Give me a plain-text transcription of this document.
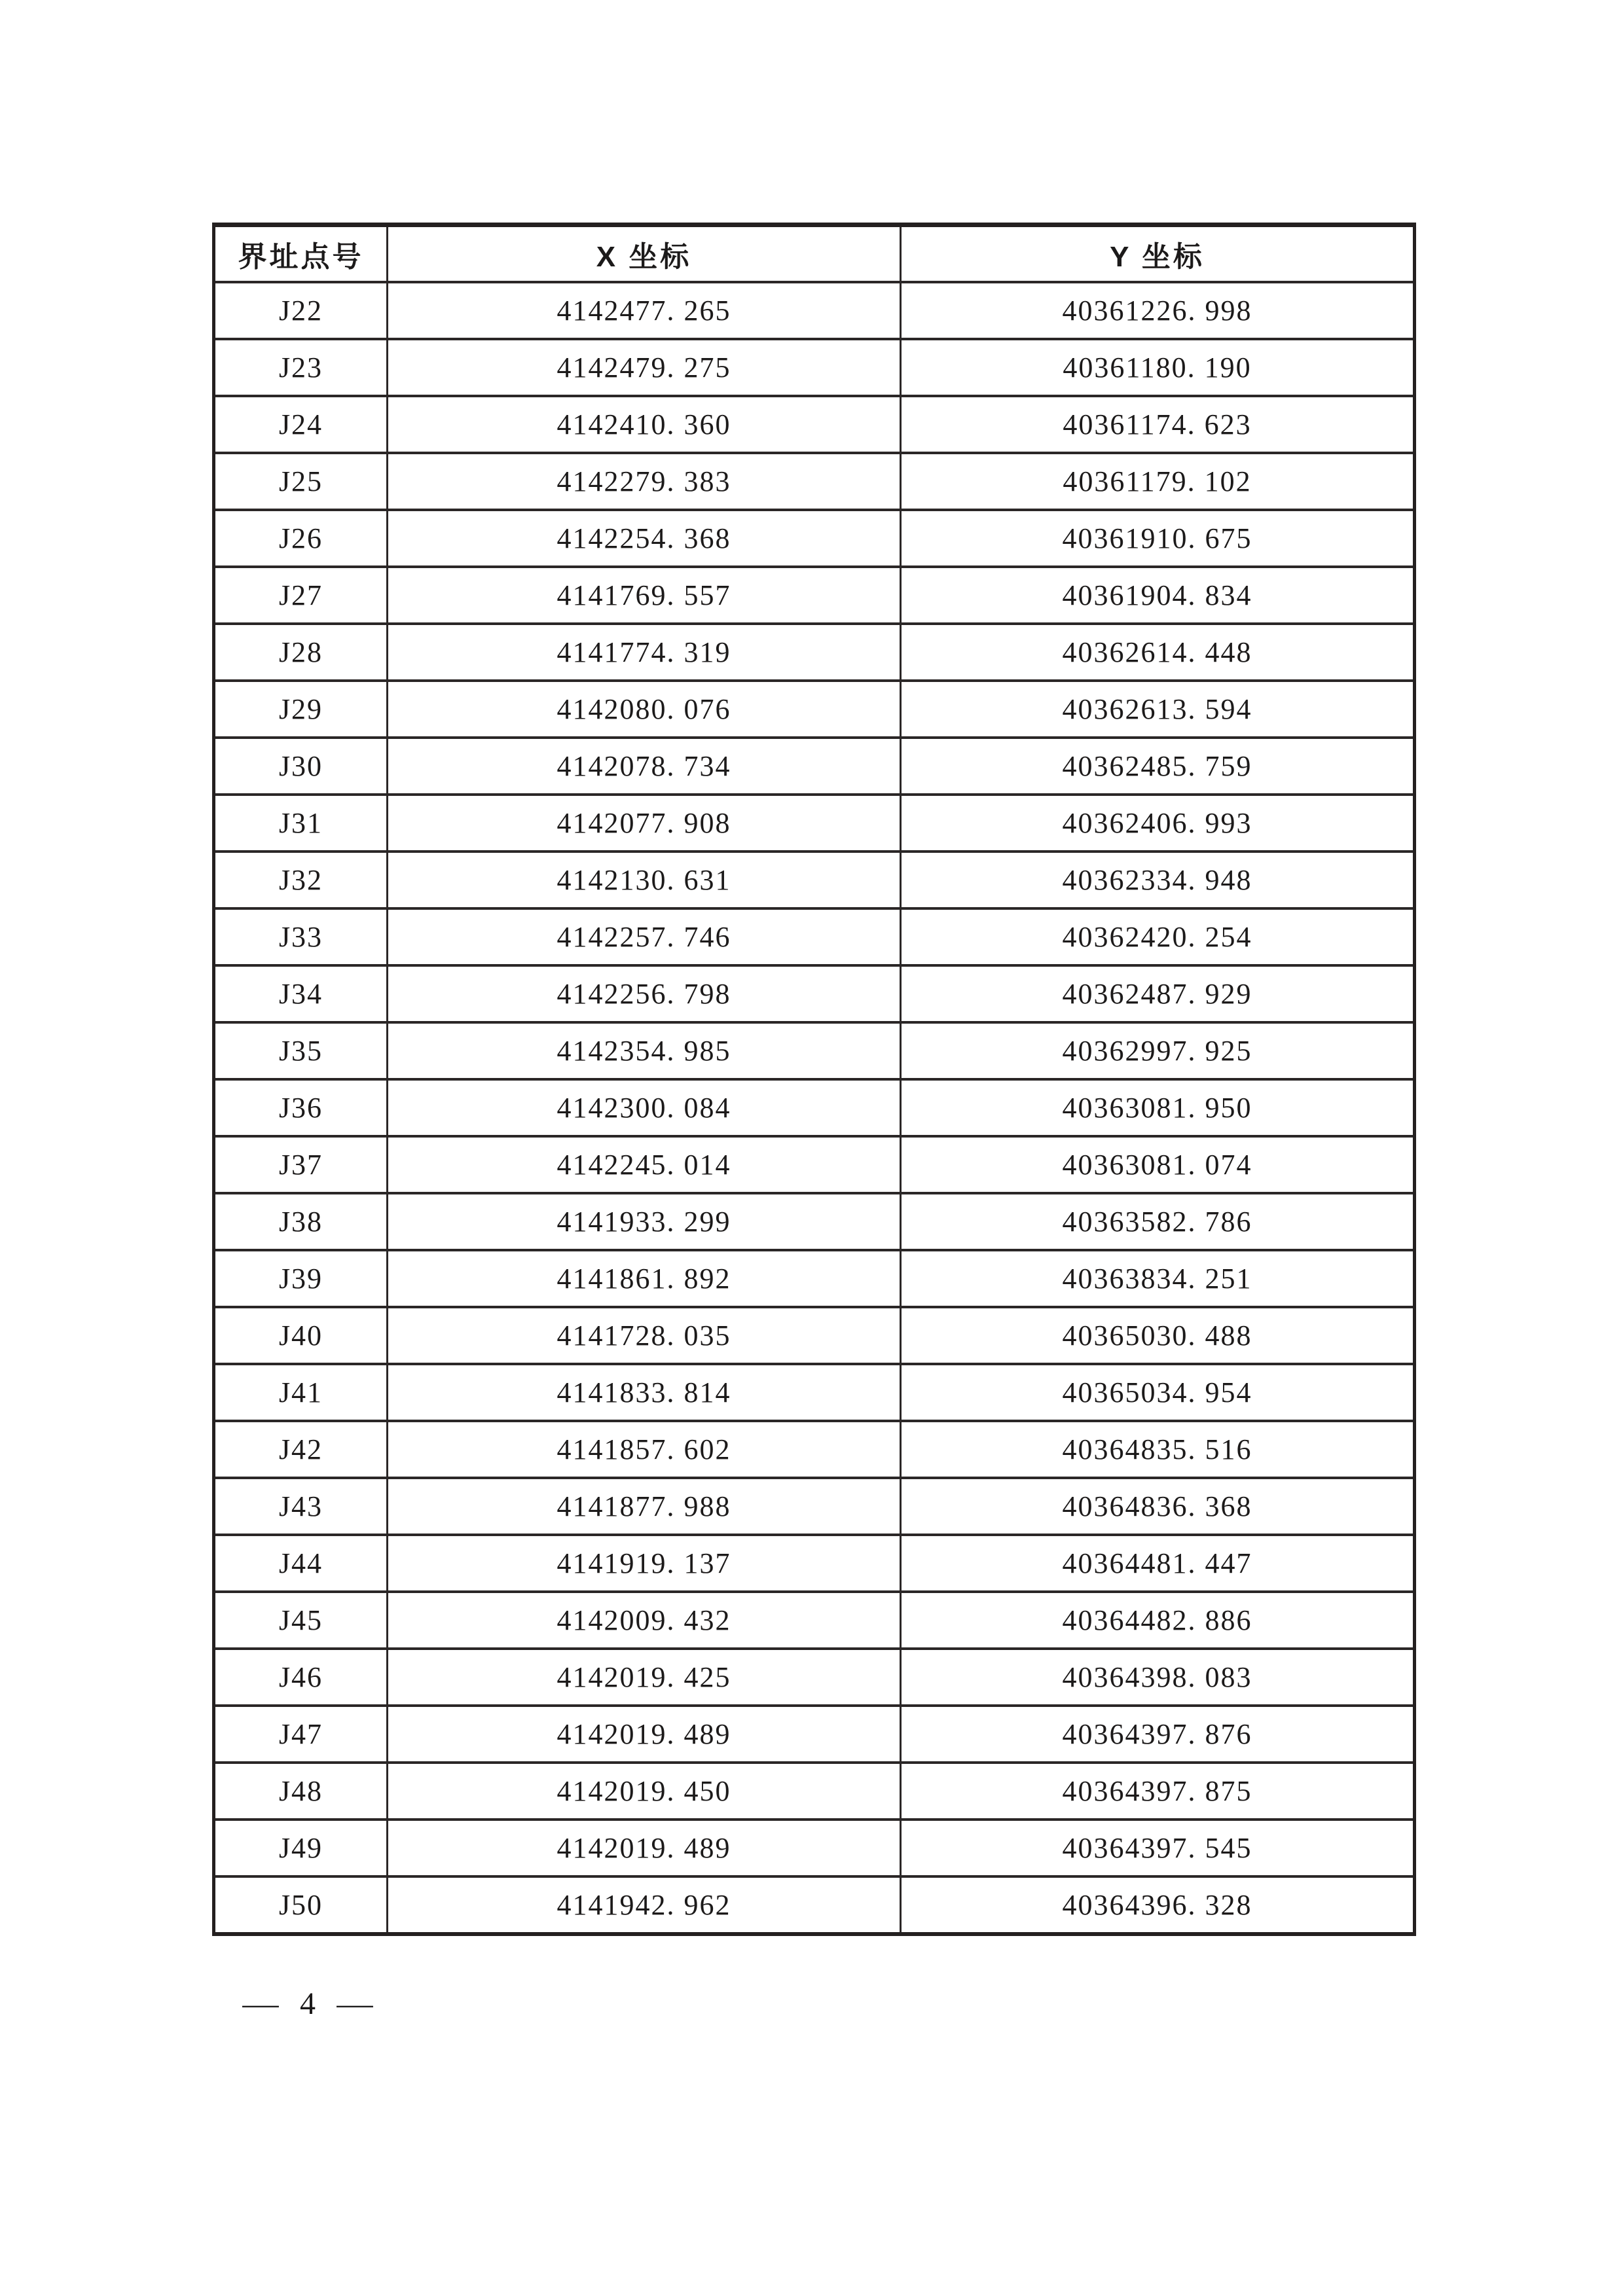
界址点号	X 坐标	Y 坐标
J22	4142477. 265	40361226. 998
J23	4142479. 275	40361180. 190
J24	4142410. 360	40361174. 623
J25	4142279. 383	40361179. 102
J26	4142254. 368	40361910. 675
J27	4141769. 557	40361904. 834
J28	4141774. 319	40362614. 448
J29	4142080. 076	40362613. 594
J30	4142078. 734	40362485. 759
J31	4142077. 908	40362406. 993
J32	4142130. 631	40362334. 948
J33	4142257. 746	40362420. 254
J34	4142256. 798	40362487. 929
J35	4142354. 985	40362997. 925
J36	4142300. 084	40363081. 950
J37	4142245. 014	40363081. 074
J38	4141933. 299	40363582. 786
J39	4141861. 892	40363834. 251
J40	4141728. 035	40365030. 488
J41	4141833. 814	40365034. 954
J42	4141857. 602	40364835. 516
J43	4141877. 988	40364836. 368
J44	4141919. 137	40364481. 447
J45	4142009. 432	40364482. 886
J46	4142019. 425	40364398. 083
J47	4142019. 489	40364397. 876
J48	4142019. 450	40364397. 875
J49	4142019. 489	40364397. 545
J50	4141942. 962	40364396. 328
— 4 —
